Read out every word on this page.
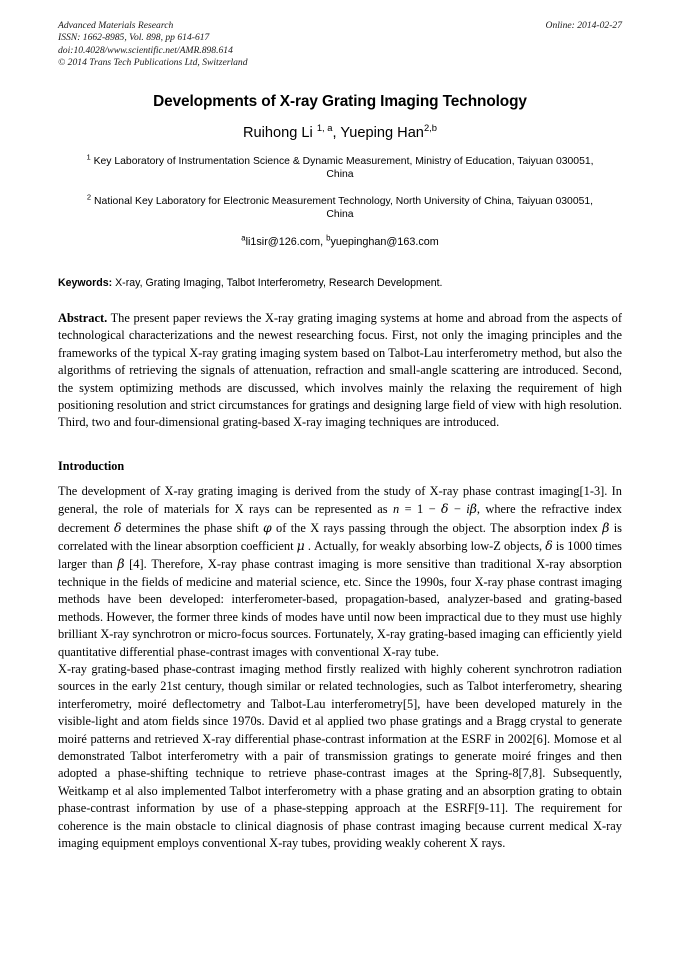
Advanced Materials Research	Online: 2014-02-27
ISSN: 1662-8985, Vol. 898, pp 614-617
doi:10.4028/www.scientific.net/AMR.898.614
© 2014 Trans Tech Publications Ltd, Switzerland
Developments of X-ray Grating Imaging Technology
Ruihong Li $^{1, a}$, Yueping Han$^{2,b}$
$^1$ Key Laboratory of Instrumentation Science & Dynamic Measurement, Ministry of Education, Taiyuan 030051, China
$^2$ National Key Laboratory for Electronic Measurement Technology, North University of China, Taiyuan 030051, China
$^a$li1sir@126.com, $^b$yuepinghan@163.com
Keywords: X-ray, Grating Imaging, Talbot Interferometry, Research Development.
Abstract. The present paper reviews the X-ray grating imaging systems at home and abroad from the aspects of technological characterizations and the newest researching focus. First, not only the imaging principles and the frameworks of the typical X-ray grating imaging system based on Talbot-Lau interferometry method, but also the algorithms of retrieving the signals of attenuation, refraction and small-angle scattering are introduced. Second, the system optimizing methods are discussed, which involves mainly the relaxing the requirement of high positioning resolution and strict circumstances for gratings and designing large field of view with high resolution. Third, two and four-dimensional grating-based X-ray imaging techniques are introduced.
Introduction
The development of X-ray grating imaging is derived from the study of X-ray phase contrast imaging[1-3]. In general, the role of materials for X rays can be represented as n = 1 − δ − iβ, where the refractive index decrement δ determines the phase shift φ of the X rays passing through the object. The absorption index β is correlated with the linear absorption coefficient μ . Actually, for weakly absorbing low-Z objects, δ is 1000 times larger than β [4]. Therefore, X-ray phase contrast imaging is more sensitive than traditional X-ray absorption technique in the fields of medicine and material science, etc. Since the 1990s, four X-ray phase contrast imaging methods have been developed: interferometer-based, propagation-based, analyzer-based and grating-based methods. However, the former three kinds of modes have until now been impractical due to they must use highly brilliant X-ray synchrotron or micro-focus sources. Fortunately, X-ray grating-based imaging can efficiently yield quantitative differential phase-contrast images with conventional X-ray tube.
X-ray grating-based phase-contrast imaging method firstly realized with highly coherent synchrotron radiation sources in the early 21st century, though similar or related technologies, such as Talbot interferometry, shearing interferometry, moiré deflectometry and Talbot-Lau interferometry[5], have been developed maturely in the visible-light and atom fields since 1970s. David et al applied two phase gratings and a Bragg crystal to generate moiré patterns and retrieved X-ray differential phase-contrast information at the ESRF in 2002[6]. Momose et al demonstrated Talbot interferometry with a pair of transmission gratings to generate moiré fringes and then adopted a phase-shifting technique to retrieve phase-contrast images at the Spring-8[7,8]. Subsequently, Weitkamp et al also implemented Talbot interferometry with a phase grating and an absorption grating to obtain phase-contrast information by use of a phase-stepping approach at the ESRF[9-11]. The requirement for coherence is the main obstacle to clinical diagnosis of phase contrast imaging because current medical X-ray imaging equipment employs conventional X-ray tubes, providing weakly coherent X rays.
